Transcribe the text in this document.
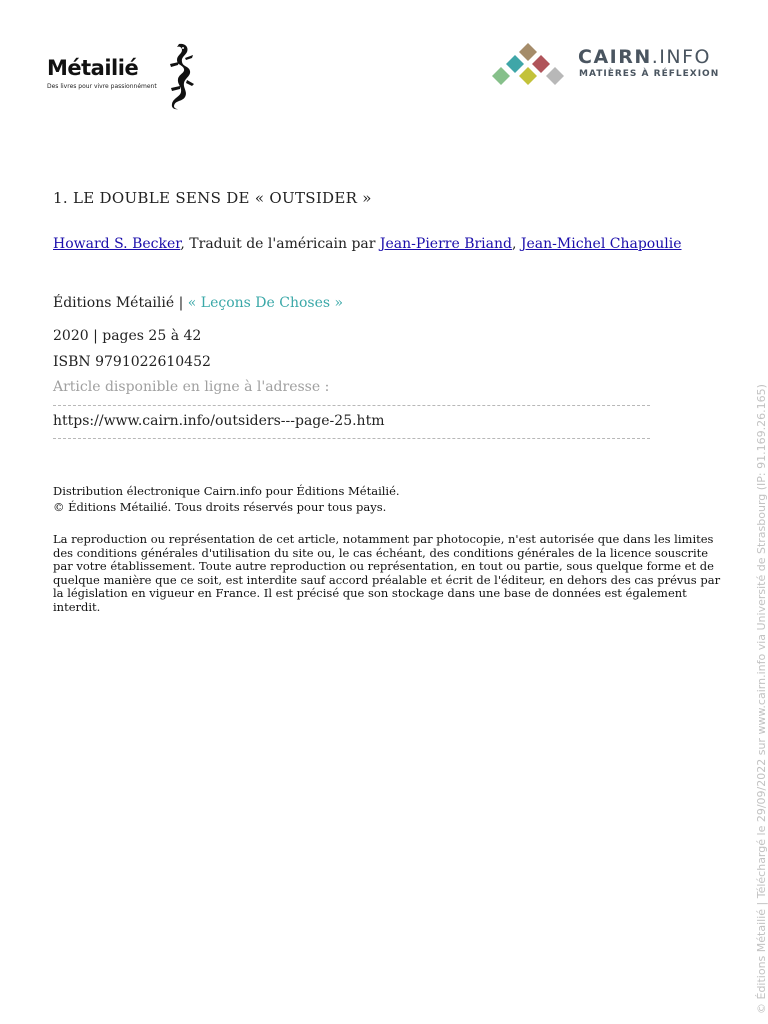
Métailié
Des livres pour vivre passionnément
CAIRN.INFO
MATIÈRES À RÉFLEXION
1. LE DOUBLE SENS DE « OUTSIDER »
Howard S. Becker, Traduit de l'américain par Jean-Pierre Briand, Jean-Michel Chapoulie
Éditions Métailié | « Leçons De Choses »
2020 | pages 25 à 42
ISBN 9791022610452
Article disponible en ligne à l'adresse :
https://www.cairn.info/outsiders---page-25.htm
Distribution électronique Cairn.info pour Éditions Métailié.
© Éditions Métailié. Tous droits réservés pour tous pays.
La reproduction ou représentation de cet article, notamment par photocopie, n'est autorisée que dans les limites des conditions générales d'utilisation du site ou, le cas échéant, des conditions générales de la licence souscrite par votre établissement. Toute autre reproduction ou représentation, en tout ou partie, sous quelque forme et de quelque manière que ce soit, est interdite sauf accord préalable et écrit de l'éditeur, en dehors des cas prévus par la législation en vigueur en France. Il est précisé que son stockage dans une base de données est également interdit.	© Éditions Métailié | Téléchargé le 29/09/2022 sur www.cairn.info via Université de Strasbourg (IP: 91.169.26.165)
